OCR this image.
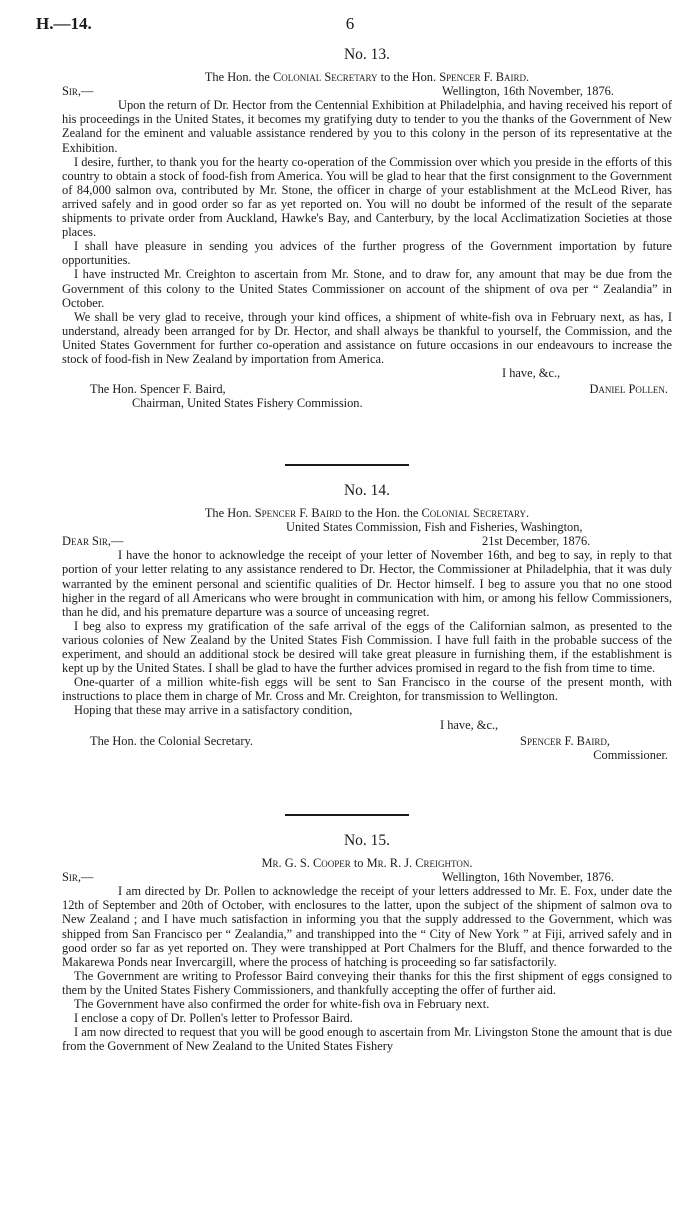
H.—14.	6
No. 13.
The Hon. the Colonial Secretary to the Hon. Spencer F. Baird.
Sir,—	Wellington, 16th November, 1876.

Upon the return of Dr. Hector from the Centennial Exhibition at Philadelphia, and having received his report of his proceedings in the United States, it becomes my gratifying duty to tender to you the thanks of the Government of New Zealand for the eminent and valuable assistance rendered by you to this colony in the person of its representative at the Exhibition.

I desire, further, to thank you for the hearty co-operation of the Commission over which you preside in the efforts of this country to obtain a stock of food-fish from America. You will be glad to hear that the first consignment to the Government of 84,000 salmon ova, contributed by Mr. Stone, the officer in charge of your establishment at the McLeod River, has arrived safely and in good order so far as yet reported on. You will no doubt be informed of the result of the separate shipments to private order from Auckland, Hawke's Bay, and Canterbury, by the local Acclimatization Societies at those places.

I shall have pleasure in sending you advices of the further progress of the Government importation by future opportunities.

I have instructed Mr. Creighton to ascertain from Mr. Stone, and to draw for, any amount that may be due from the Government of this colony to the United States Commissioner on account of the shipment of ova per “ Zealandia” in October.

We shall be very glad to receive, through your kind offices, a shipment of white-fish ova in February next, as has, I understand, already been arranged for by Dr. Hector, and shall always be thankful to yourself, the Commission, and the United States Government for further co-operation and assistance on future occasions in our endeavours to increase the stock of food-fish in New Zealand by importation from America.

I have, &c.,
The Hon. Spencer F. Baird,
Chairman, United States Fishery Commission.
Daniel Pollen.
No. 14.
The Hon. Spencer F. Baird to the Hon. the Colonial Secretary.
United States Commission, Fish and Fisheries, Washington,
Dear Sir,—	21st December, 1876.

I have the honor to acknowledge the receipt of your letter of November 16th, and beg to say, in reply to that portion of your letter relating to any assistance rendered to Dr. Hector, the Commissioner at Philadelphia, that it was duly warranted by the eminent personal and scientific qualities of Dr. Hector himself. I beg to assure you that no one stood higher in the regard of all Americans who were brought in communication with him, or among his fellow Commissioners, than he did, and his premature departure was a source of unceasing regret.

I beg also to express my gratification of the safe arrival of the eggs of the Californian salmon, as presented to the various colonies of New Zealand by the United States Fish Commission. I have full faith in the probable success of the experiment, and should an additional stock be desired will take great pleasure in furnishing them, if the establishment is kept up by the United States. I shall be glad to have the further advices promised in regard to the fish from time to time.

One-quarter of a million white-fish eggs will be sent to San Francisco in the course of the present month, with instructions to place them in charge of Mr. Cross and Mr. Creighton, for transmission to Wellington.

Hoping that these may arrive in a satisfactory condition,

I have, &c.,
The Hon. the Colonial Secretary.	Spencer F. Baird,
Commissioner.
No. 15.
Mr. G. S. Cooper to Mr. R. J. Creighton.
Sir,—	Wellington, 16th November, 1876.

I am directed by Dr. Pollen to acknowledge the receipt of your letters addressed to Mr. E. Fox, under date the 12th of September and 20th of October, with enclosures to the latter, upon the subject of the shipment of salmon ova to New Zealand ; and I have much satisfaction in informing you that the supply addressed to the Government, which was shipped from San Francisco per “ Zealandia,” and transhipped into the “ City of New York ” at Fiji, arrived safely and in good order so far as yet reported on. They were transhipped at Port Chalmers for the Bluff, and thence forwarded to the Makarewa Ponds near Invercargill, where the process of hatching is proceeding so far satisfactorily.

The Government are writing to Professor Baird conveying their thanks for this the first shipment of eggs consigned to them by the United States Fishery Commissioners, and thankfully accepting the offer of further aid.

The Government have also confirmed the order for white-fish ova in February next.

I enclose a copy of Dr. Pollen's letter to Professor Baird.

I am now directed to request that you will be good enough to ascertain from Mr. Livingston Stone the amount that is due from the Government of New Zealand to the United States Fishery
